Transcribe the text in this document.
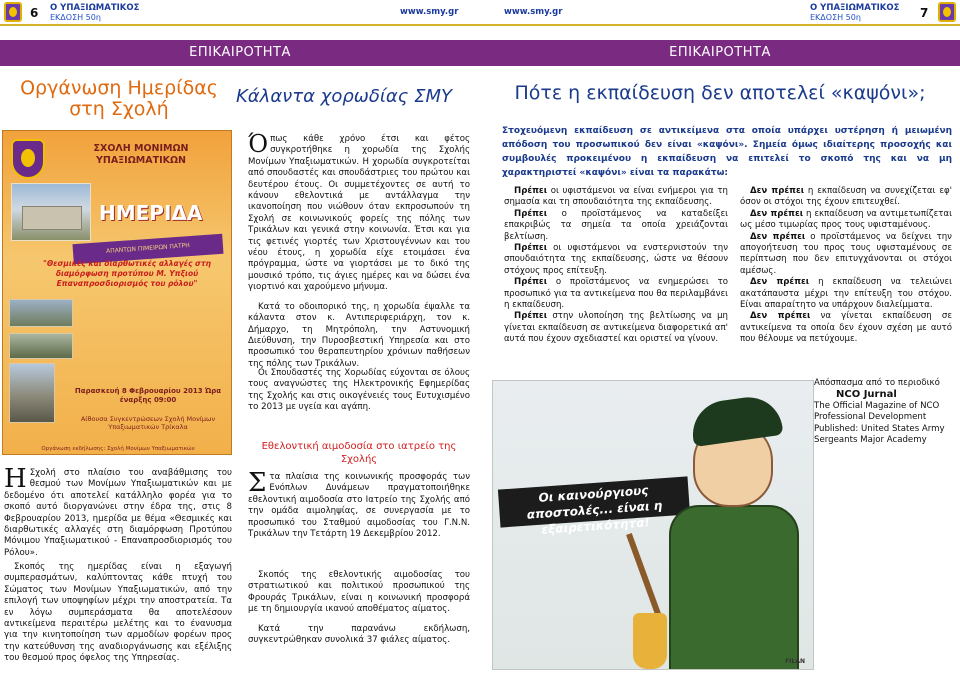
6 Ο ΥΠΑΞΙΩΜΑΤΙΚΟΣ
ΕΚΔΟΣΗ 50η
www.smy.gr
ΕΠΙΚΑΙΡΟΤΗΤΑ
Οργάνωση Ημερίδας στη Σχολή
Κάλαντα χορωδίας ΣΜΥ
ΣΧΟΛΗ ΜΟΝΙΜΩΝ ΥΠΑΞΙΩΜΑΤΙΚΩΝ
ΗΜΕΡΙΔΑ
ΑΠΑΝΤΩΝ ΠΙΜΕΙΡΩΝ ΠΑΤΡΗ
"Θεσμικές και διαρθωτικές αλλαγές στη διαμόρφωση προτύπου Μ. Υπξιού Επαναπροσδιορισμός του ρόλου"
Παρασκευή 8 Φεβρουαρίου 2013 Ώρα έναρξης 09:00
Αίθουσα Συγκεντρώσεων Σχολή Μονίμων Υπαξιωματικών Τρίκαλα
Οργάνωση εκδήλωσης: Σχολή Μονίμων Υπαξιωματικών
Η Σχολή στο πλαίσιο του αναβάθμισης του θεσμού των Μονίμων Υπαξιωματικών και με δεδομένο ότι αποτελεί κατάλληλο φορέα για το σκοπό αυτό διοργανώνει στην έδρα της, στις 8 Φεβρουαρίου 2013, ημερίδα με θέμα «Θεσμικές και διαρθωτικές αλλαγές στη διαμόρφωση Προτύπου Μόνιμου Υπαξιωματικού - Επαναπροσδιορισμός του Ρόλου».
Σκοπός της ημερίδας είναι η εξαγωγή συμπερασμάτων, καλύπτοντας κάθε πτυχή του Σώματος των Μονίμων Υπαξιωματικών, από την επιλογή των υποψηφίων μέχρι την αποστρατεία. Τα εν λόγω συμπεράσματα θα αποτελέσουν αντικείμενα περαιτέρω μελέτης και το ένανυσμα για την κινητοποίηση των αρμοδίων φορέων προς την κατεύθυνση της αναδιοργάνωσης και εξέλιξης του θεσμού προς όφελος της Υπηρεσίας.
Όπως κάθε χρόνο έτσι και φέτος συγκροτήθηκε η χορωδία της Σχολής Μονίμων Υπαξιωματικών. Η χορωδία συγκροτείται από σπουδαστές και σπουδάστριες του πρώτου και δευτέρου έτους. Οι συμμετέχοντες σε αυτή το κάνουν εθελοντικά με αντάλλαγμα την ικανοποίηση που νιώθουν όταν εκπροσωπούν τη Σχολή σε κοινωνικούς φορείς της πόλης των Τρικάλων και γενικά στην κοινωνία. Έτσι και για τις φετινές γιορτές των Χριστουγέννων και του νέου έτους, η χορωδία είχε ετοιμάσει ένα πρόγραμμα, ώστε να γιορτάσει με το δικό της μουσικό τρόπο, τις άγιες ημέρες και να δώσει ένα γιορτινό και χαρούμενο μήνυμα.

Κατά το οδοιπορικό της, η χορωδία έψαλλε τα κάλαντα στον κ. Αντιπεριφεριάρχη, τον κ. Δήμαρχο, τη Μητρόπολη, την Αστυνομική Διεύθυνση, την Πυροσβεστική Υπηρεσία και στο προσωπικό του θεραπευτηρίου χρόνιων παθήσεων της πόλης των Τρικάλων.

Οι Σπουδαστές της Χορωδίας εύχονται σε όλους τους αναγνώστες της Ηλεκτρονικής Εφημερίδας της Σχολής και στις οικογένειές τους Ευτυχισμένο το 2013 με υγεία και αγάπη.
Εθελοντική αιμοδοσία στο ιατρείο της Σχολής
Στα πλαίσια της κοινωνικής προσφοράς των Ενόπλων Δυνάμεων πραγματοποιήθηκε εθελοντική αιμοδοσία στο Ιατρείο της Σχολής από την ομάδα αιμοληψίας, σε συνεργασία με το προσωπικό του Σταθμού αιμοδοσίας του Γ.Ν.Ν. Τρικάλων την Τετάρτη 19 Δεκεμβρίου 2012.

Σκοπός της εθελοντικής αιμοδοσίας του στρατιωτικού και πολιτικού προσωπικού της Φρουράς Τρικάλων, είναι η κοινωνική προσφορά με τη δημιουργία ικανού αποθέματος αίματος.

Κατά την παρανάνω εκδήλωση, συγκεντρώθηκαν συνολικά 37 φιάλες αίματος.

www.smy.gr	Ο ΥΠΑΞΙΩΜΑΤΙΚΟΣ
ΕΚΔΟΣΗ 50η	7
ΕΠΙΚΑΙΡΟΤΗΤΑ
Πότε η εκπαίδευση δεν αποτελεί «καψόνι»;
Στοχευόμενη εκπαίδευση σε αντικείμενα στα οποία υπάρχει υστέρηση ή μειωμένη απόδοση του προσωπικού δεν είναι «καψόνι». Σημεία όμως ιδιαίτερης προσοχής και συμβουλές προκειμένου η εκπαίδευση να επιτελεί το σκοπό της και να μη χαρακτηριστεί «καψόνι» είναι τα παρακάτω:

Πρέπει οι υφιστάμενοι να είναι ενήμεροι για τη σημασία και τη σπουδαιότητα της εκπαίδευσης.

Πρέπει ο προϊστάμενος να καταδείξει επακριβώς τα σημεία τα οποία χρειάζονται βελτίωση.

Πρέπει οι υφιστάμενοι να ενστερνιστούν την σπουδαιότητα της εκπαίδευσης, ώστε να θέσουν στόχους προς επίτευξη.

Πρέπει ο προϊστάμενος να ενημερώσει το προσωπικό για τα αντικείμενα που θα περιλαμβάνει η εκπαίδευση.

Πρέπει στην υλοποίηση της βελτίωσης να μη γίνεται εκπαίδευση σε αντικείμενα διαφορετικά απ' αυτά που έχουν σχεδιαστεί και οριστεί να γίνουν.

Δεν πρέπει η εκπαίδευση να συνεχίζεται εφ' όσον οι στόχοι της έχουν επιτευχθεί.

Δεν πρέπει η εκπαίδευση να αντιμετωπίζεται ως μέσο τιμωρίας προς τους υφισταμένους.

Δεν πρέπει ο προϊστάμενος να δείχνει την απογοήτευση του προς τους υφισταμένους σε περίπτωση που δεν επιτυγχάνονται οι στόχοι αμέσως.

Δεν πρέπει η εκπαίδευση να τελειώνει ακατάπαυστα μέχρι την επίτευξη του στόχου. Είναι απαραίτητο να υπάρχουν διαλείμματα.

Δεν πρέπει να γίνεται εκπαίδευση σε αντικείμενα τα οποία δεν έχουν σχέση με αυτό που θέλουμε να πετύχουμε.

Οι καινούργιους αποστολές... είναι η εξαιρετικότητα!
FILAN
Απόσπασμα από το περιοδικό
NCO Jurnal
The Official Magazine of NCO Professional Development
Published: United States Army Sergeants Major Academy
